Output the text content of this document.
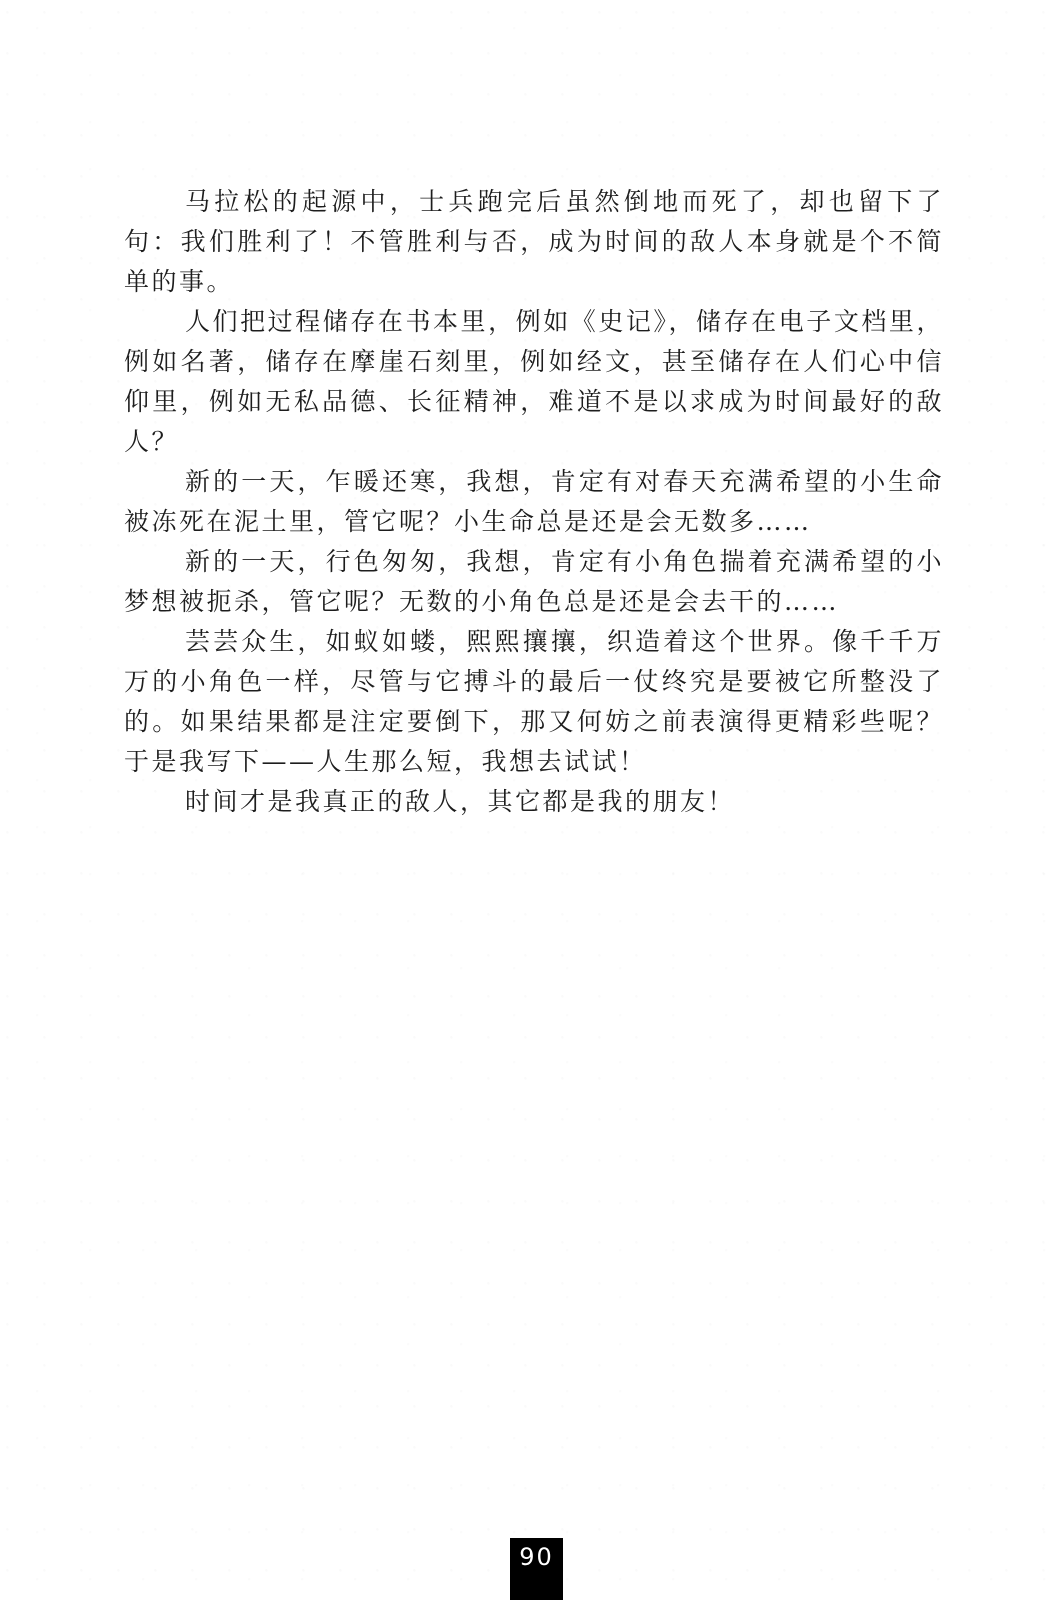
马拉松的起源中，士兵跑完后虽然倒地而死了，却也留下了句：我们胜利了！不管胜利与否，成为时间的敌人本身就是个不简单的事。

人们把过程储存在书本里，例如《史记》，储存在电子文档里，例如名著，储存在摩崖石刻里，例如经文，甚至储存在人们心中信仰里，例如无私品德、长征精神，难道不是以求成为时间最好的敌人？

新的一天，乍暖还寒，我想，肯定有对春天充满希望的小生命被冻死在泥土里，管它呢？小生命总是还是会无数多……

新的一天，行色匆匆，我想，肯定有小角色揣着充满希望的小梦想被扼杀，管它呢？无数的小角色总是还是会去干的……

芸芸众生，如蚁如蝼，熙熙攘攘，织造着这个世界。像千千万万的小角色一样，尽管与它搏斗的最后一仗终究是要被它所整没了的。如果结果都是注定要倒下，那又何妨之前表演得更精彩些呢？于是我写下——人生那么短，我想去试试！

时间才是我真正的敌人，其它都是我的朋友！

90
